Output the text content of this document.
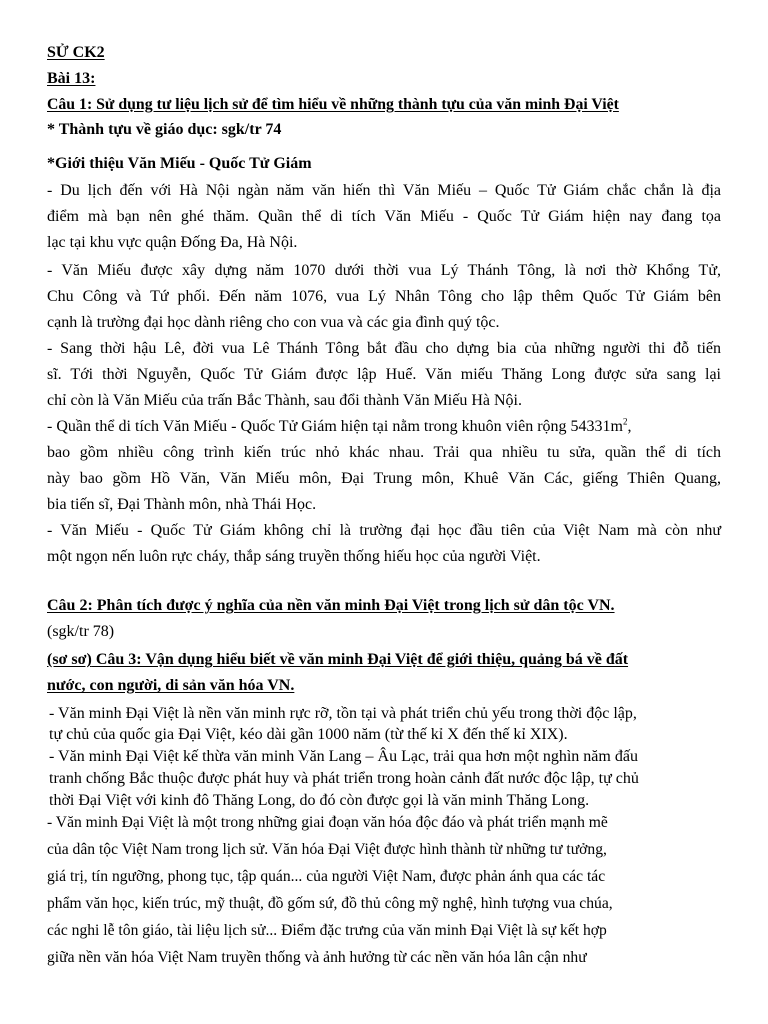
SỬ CK2
Bài 13:
Câu 1: Sử dụng tư liệu lịch sử để tìm hiểu về những thành tựu của văn minh Đại Việt
* Thành tựu về giáo dục: sgk/tr 74
*Giới thiệu Văn Miếu - Quốc Tử Giám
- Du lịch đến với Hà Nội ngàn năm văn hiến thì Văn Miếu – Quốc Tử Giám chắc chắn là địa
điểm mà bạn nên ghé thăm. Quần thể di tích Văn Miếu - Quốc Tử Giám hiện nay đang tọa
lạc tại khu vực quận Đống Đa, Hà Nội.
- Văn Miếu được xây dựng năm 1070 dưới thời vua Lý Thánh Tông, là nơi thờ Khổng Tử,
Chu Công và Tứ phối. Đến năm 1076, vua Lý Nhân Tông cho lập thêm Quốc Tử Giám bên
cạnh là trường đại học dành riêng cho con vua và các gia đình quý tộc.
- Sang thời hậu Lê, đời vua Lê Thánh Tông bắt đầu cho dựng bia của những người thi đỗ tiến
sĩ. Tới thời Nguyễn, Quốc Tử Giám được lập Huế. Văn miếu Thăng Long được sửa sang lại
chỉ còn là Văn Miếu của trấn Bắc Thành, sau đổi thành Văn Miếu Hà Nội.
- Quần thể di tích Văn Miếu - Quốc Tử Giám hiện tại nằm trong khuôn viên rộng $54331m^2$,
bao gồm nhiều công trình kiến trúc nhỏ khác nhau. Trải qua nhiều tu sửa, quần thể di tích
này bao gồm Hồ Văn, Văn Miếu môn, Đại Trung môn, Khuê Văn Các, giếng Thiên Quang,
bia tiến sĩ, Đại Thành môn, nhà Thái Học.
- Văn Miếu - Quốc Tử Giám không chỉ là trường đại học đầu tiên của Việt Nam mà còn như
một ngọn nến luôn rực cháy, thắp sáng truyền thống hiếu học của người Việt.
Câu 2: Phân tích được ý nghĩa của nền văn minh Đại Việt trong lịch sử dân tộc VN.
(sgk/tr 78)
(sơ sơ) Câu 3: Vận dụng hiểu biết về văn minh Đại Việt để giới thiệu, quảng bá về đất
nước, con người, di sản văn hóa VN.
- Văn minh Đại Việt là nền văn minh rực rỡ, tồn tại và phát triển chủ yếu trong thời độc lập,
tự chủ của quốc gia Đại Việt, kéo dài gần 1000 năm (từ thế kỉ X đến thế kỉ XIX).
- Văn minh Đại Việt kế thừa văn minh Văn Lang – Âu Lạc, trải qua hơn một nghìn năm đấu
tranh chống Bắc thuộc được phát huy và phát triển trong hoàn cảnh đất nước độc lập, tự chủ
thời Đại Việt với kinh đô Thăng Long, do đó còn được gọi là văn minh Thăng Long.
- Văn minh Đại Việt là một trong những giai đoạn văn hóa độc đáo và phát triển mạnh mẽ
của dân tộc Việt Nam trong lịch sử. Văn hóa Đại Việt được hình thành từ những tư tưởng,
giá trị, tín ngưỡng, phong tục, tập quán... của người Việt Nam, được phản ánh qua các tác
phẩm văn học, kiến trúc, mỹ thuật, đồ gốm sứ, đồ thủ công mỹ nghệ, hình tượng vua chúa,
các nghi lễ tôn giáo, tài liệu lịch sử... Điểm đặc trưng của văn minh Đại Việt là sự kết hợp
giữa nền văn hóa Việt Nam truyền thống và ảnh hưởng từ các nền văn hóa lân cận như
